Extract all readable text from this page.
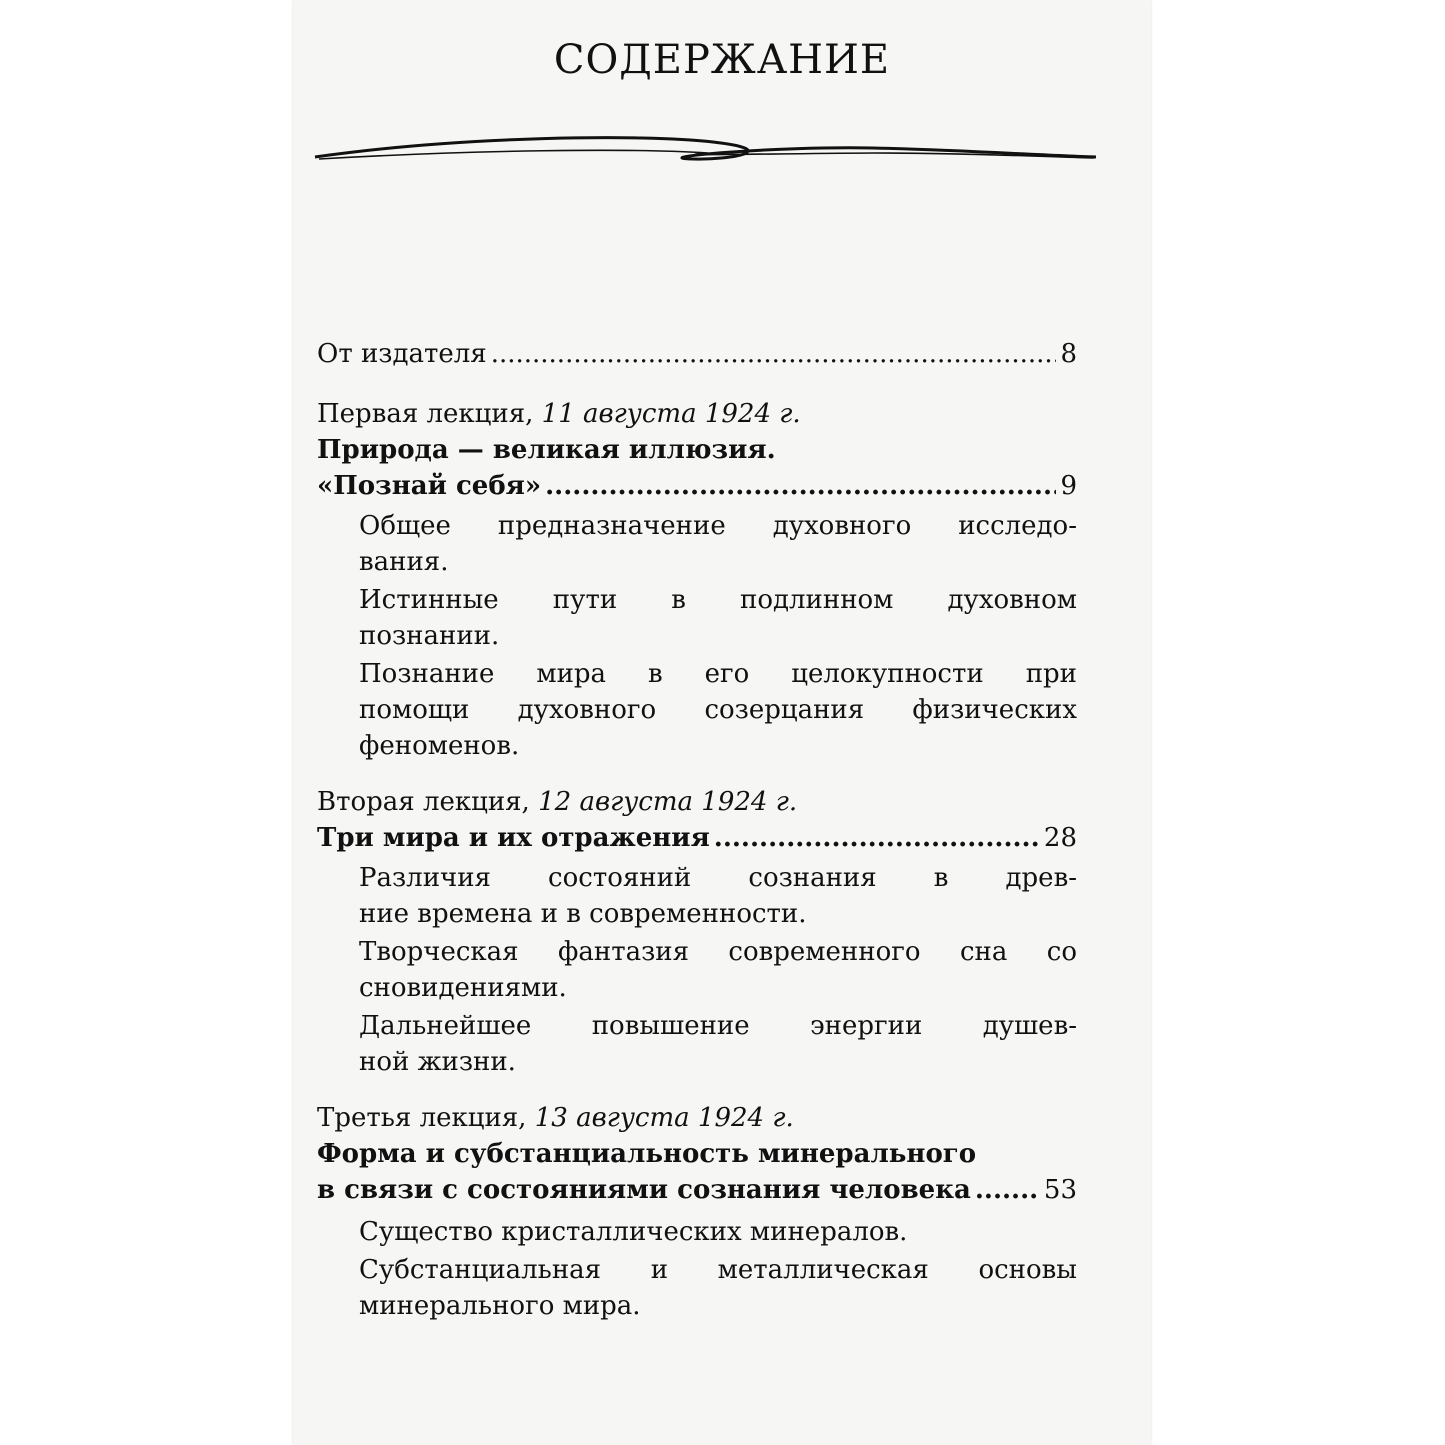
СОДЕРЖАНИЕ
От издателя .....	8
Первая лекция, 11 августа 1924 г.
Природа — великая иллюзия.
«Познай себя» .....	9
Общее предназначение духовного исследо-
вания.
Истинные пути в подлинном духовном
познании.
Познание мира в его целокупности при
помощи духовного созерцания физических
феноменов.
Вторая лекция, 12 августа 1924 г.
Три мира и их отражения .....	28
Различия состояний сознания в древ-
ние времена и в современности.
Творческая фантазия современного сна со
сновидениями.
Дальнейшее повышение энергии душев-
ной жизни.
Третья лекция, 13 августа 1924 г.
Форма и субстанциальность минерального
в связи с состояниями сознания человека .....	53
Существо кристаллических минералов.
Субстанциальная и металлическая основы
минерального мира.
